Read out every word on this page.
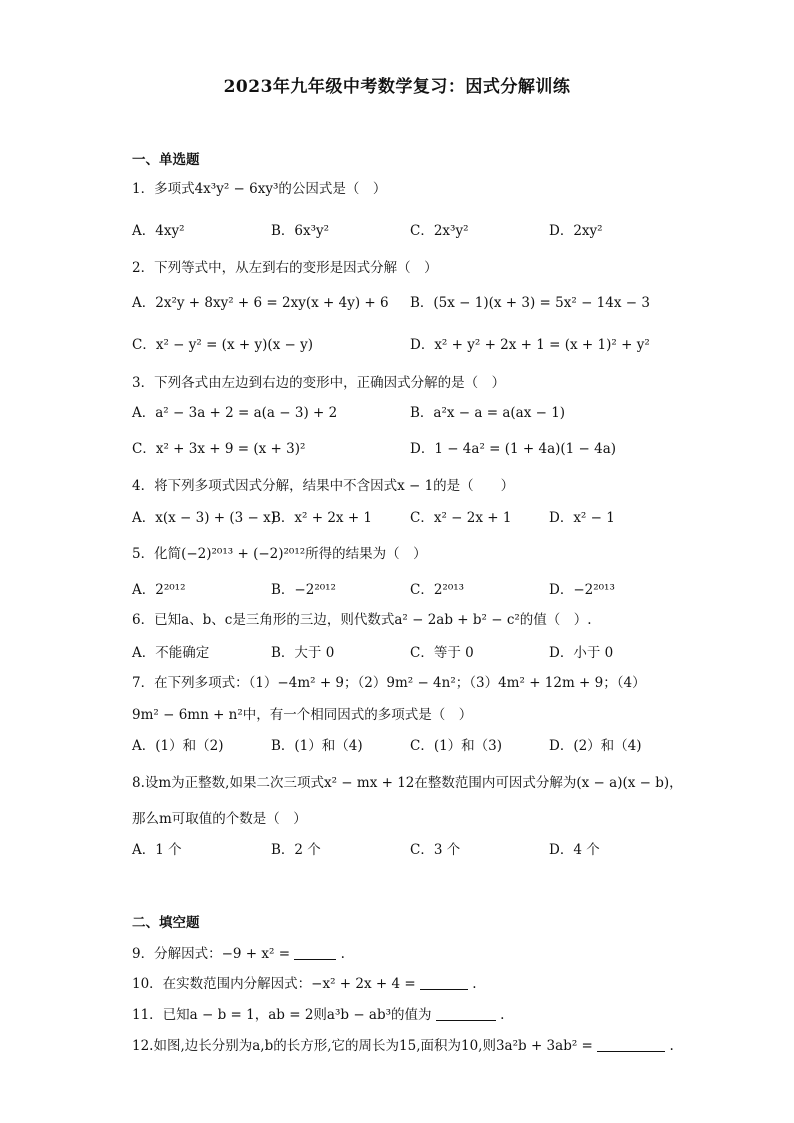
2023年九年级中考数学复习：因式分解训练
一、单选题
1．多项式4x³y² − 6xy³的公因式是（　）
A．4xy²	B．6x³y²	C．2x³y²	D．2xy²
2．下列等式中，从左到右的变形是因式分解（　）
A．2x²y + 8xy² + 6 = 2xy(x + 4y) + 6 B．(5x − 1)(x + 3) = 5x² − 14x − 3
C．x² − y² = (x + y)(x − y)	D．x² + y² + 2x + 1 = (x + 1)² + y²
3．下列各式由左边到右边的变形中，正确因式分解的是（　）
A．a² − 3a + 2 = a(a − 3) + 2	B．a²x − a = a(ax − 1)
C．x² + 3x + 9 = (x + 3)²	D．1 − 4a² = (1 + 4a)(1 − 4a)
4．将下列多项式因式分解，结果中不含因式x − 1的是（　　）
A．x(x − 3) + (3 − x)
B．x² + 2x + 1	C．x² − 2x + 1	D．x² − 1
5．化简(−2)²⁰¹³ + (−2)²⁰¹²所得的结果为（　）
A．2²⁰¹²	B．−2²⁰¹²	C．2²⁰¹³	D．−2²⁰¹³
6．已知a、b、c是三角形的三边，则代数式a² − 2ab + b² − c²的值（　）.
A．不能确定	B．大于 0	C．等于 0	D．小于 0
7．在下列多项式：（1）−4m² + 9；（2）9m² − 4n²；（3）4m² + 12m + 9；（4）
9m² − 6mn + n²中，有一个相同因式的多项式是（　）
A．(1）和（2)	B．(1）和（4)	C．(1）和（3)	D．(2）和（4)
8.设m为正整数,如果二次三项式x² − mx + 12在整数范围内可因式分解为(x − a)(x − b)，
那么m可取值的个数是（　）
A．1 个	B．2 个	C．3 个	D．4 个
二、填空题
9．分解因式：−9 + x² =	.
10．在实数范围内分解因式：−x² + 2x + 4 =	.
11．已知a − b = 1，ab = 2则a³b − ab³的值为	.
12.如图,边长分别为a,b的长方形,它的周长为15,面积为10,则3a²b + 3ab² =	.
